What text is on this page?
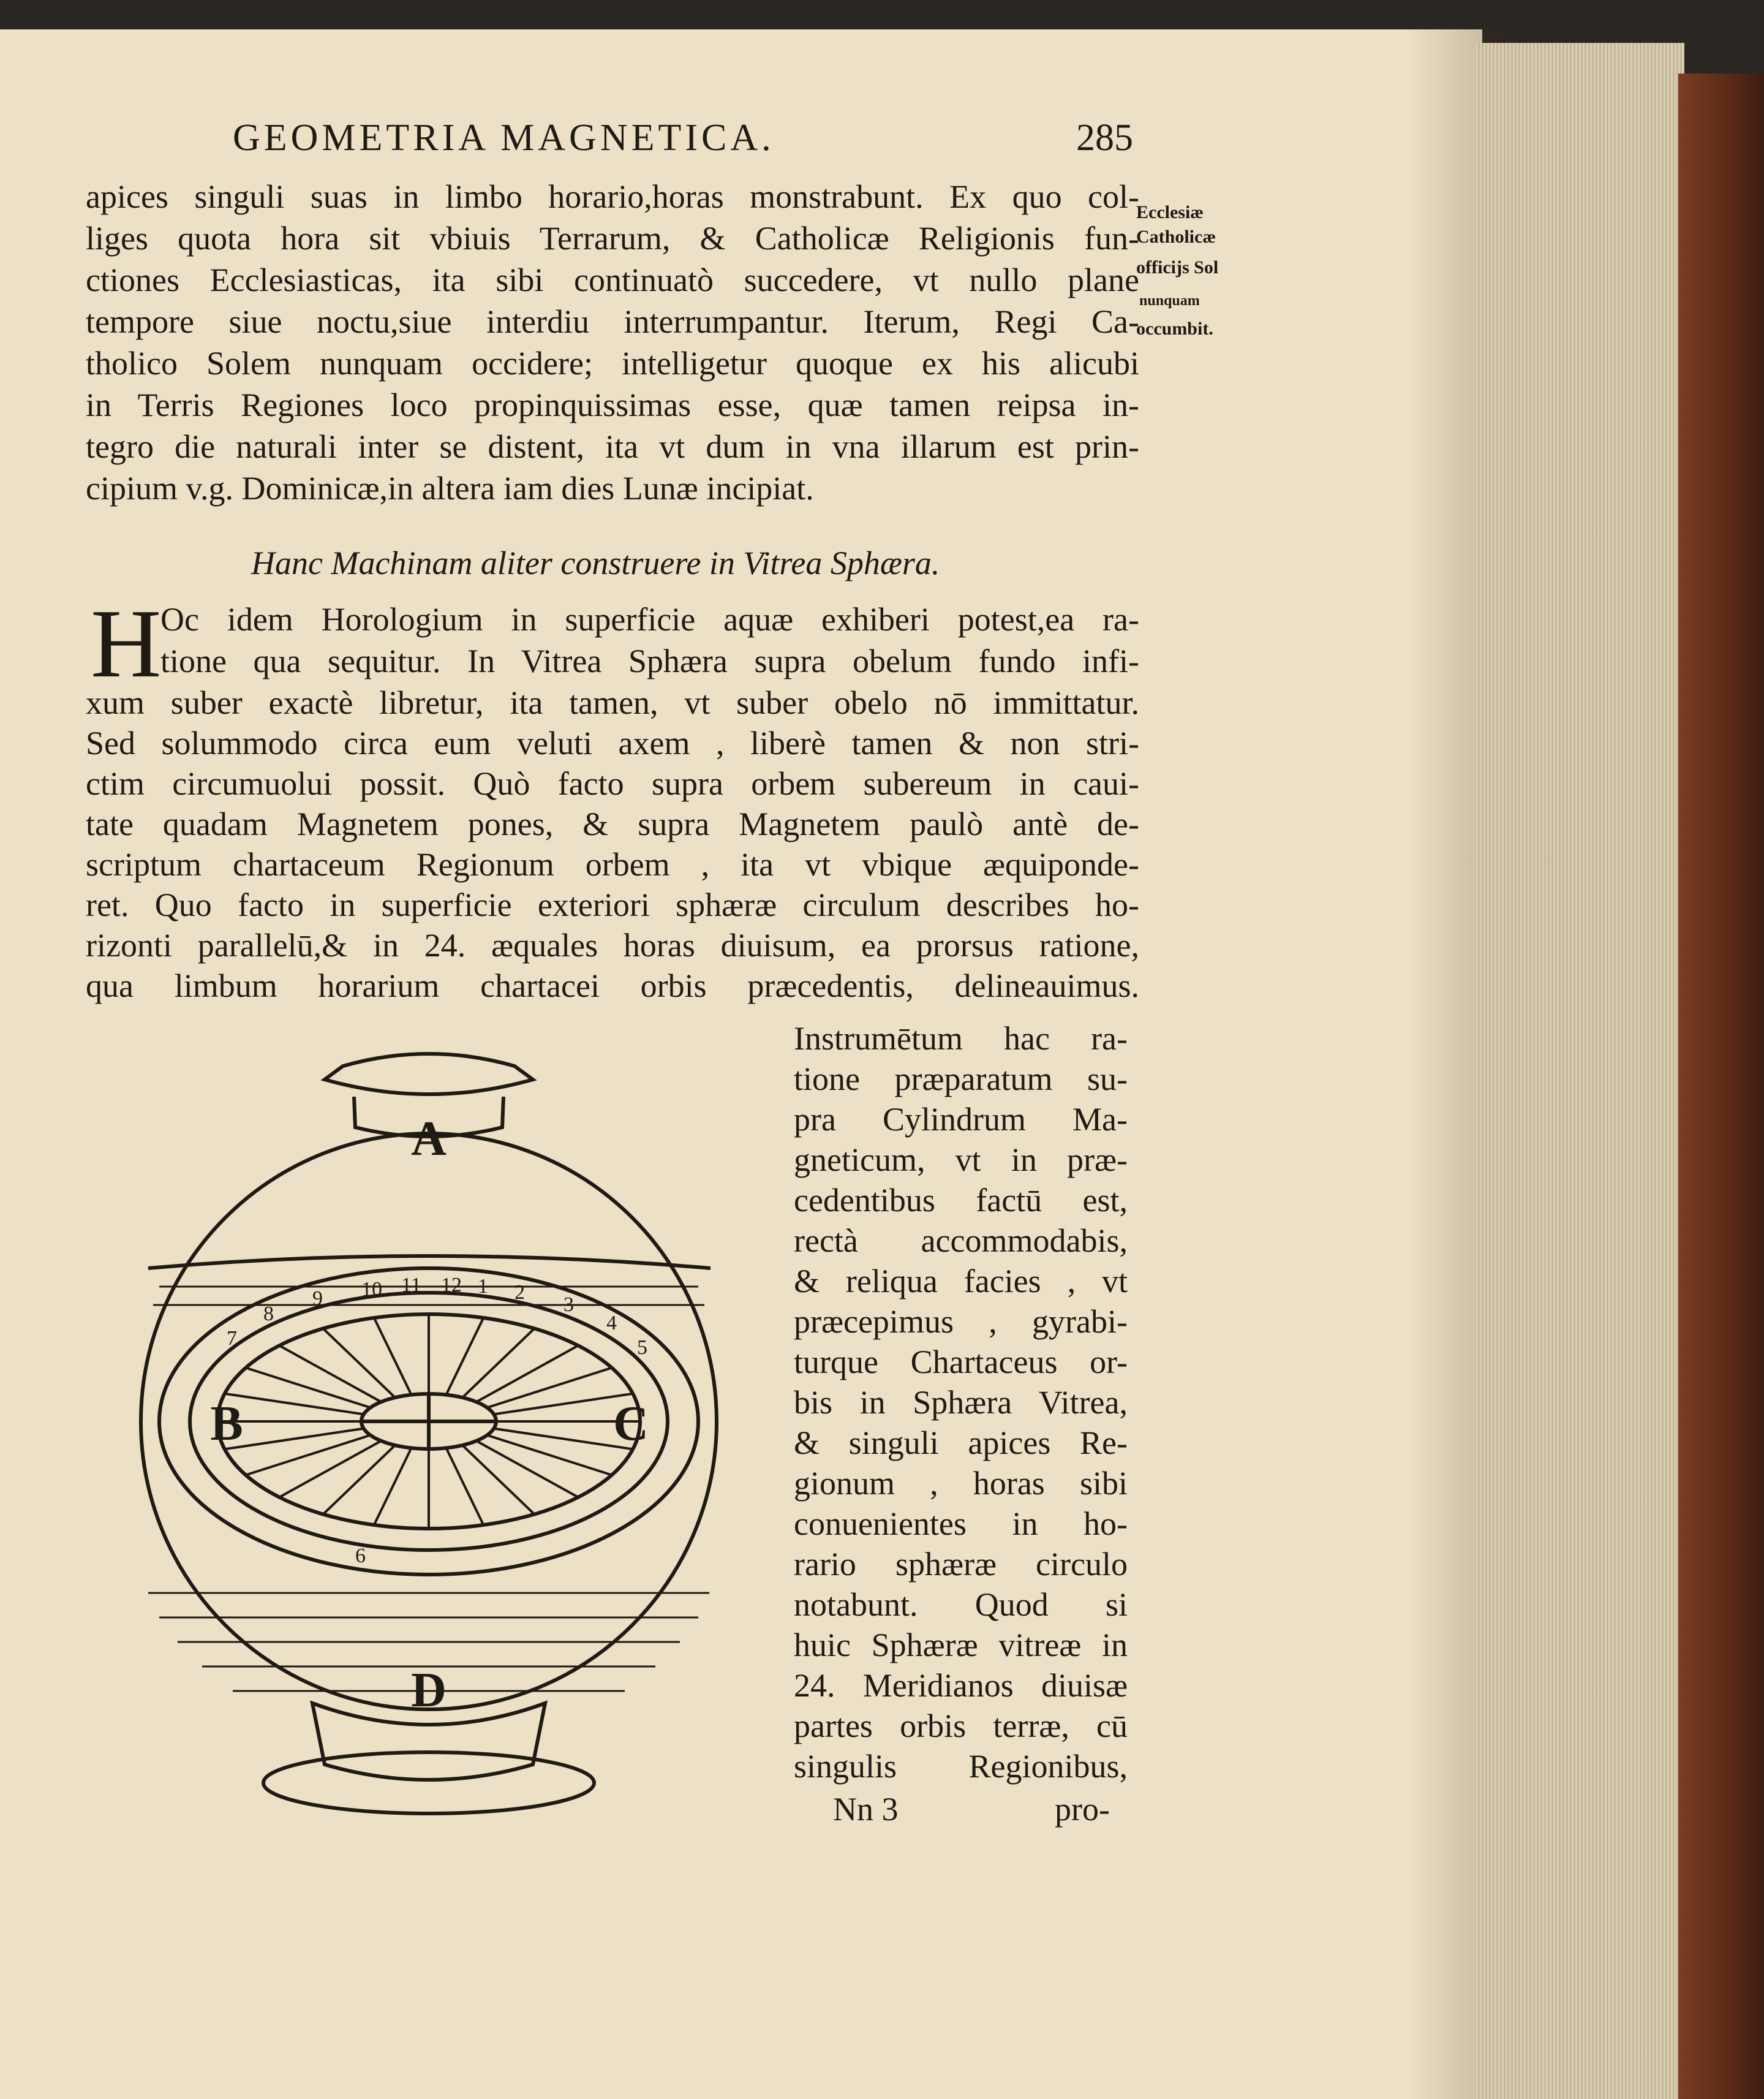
GEOMETRIA MAGNETICA.	285
apices singuli suas in limbo horario,horas monstrabunt. Ex quo col-
liges quota hora sit vbiuis Terrarum, & Catholicæ Religionis fun-
ctiones Ecclesiasticas, ita sibi continuatò succedere, vt nullo plane
tempore siue noctu,siue interdiu interrumpantur. Iterum, Regi Ca-
tholico Solem nunquam occidere; intelligetur quoque ex his alicubi
in Terris Regiones loco propinquissimas esse, quæ tamen reipsa in-
tegro die naturali inter se distent, ita vt dum in vna illarum est prin-
cipium v.g. Dominicæ,in altera iam dies Lunæ incipiat.
Ecclesiæ
Catholicæ
officijs Sol
nunquam
occumbit.
Hanc Machinam aliter construere in Vitrea Sphæra.
H
Oc idem Horologium in superficie aquæ exhiberi potest,ea ra-
tione qua sequitur. In Vitrea Sphæra supra obelum fundo infi-
xum suber exactè libretur, ita tamen, vt suber obelo nō immittatur.
Sed solummodo circa eum veluti axem , liberè tamen & non stri-
ctim circumuolui possit. Quò facto supra orbem subereum in caui-
tate quadam Magnetem pones, & supra Magnetem paulò antè de-
scriptum chartaceum Regionum orbem , ita vt vbique æquiponde-
ret. Quo facto in superficie exteriori sphæræ circulum describes ho-
rizonti parallelū,& in 24. æquales horas diuisum, ea prorsus ratione,
qua limbum horarium chartacei orbis præcedentis, delineauimus.
Instrumētum hac ra-
tione præparatum su-
pra Cylindrum Ma-
gneticum, vt in præ-
cedentibus factū est,
rectà accommodabis,
& reliqua facies , vt
præcepimus , gyrabi-
turque Chartaceus or-
bis in Sphæra Vitrea,
& singuli apices Re-
gionum , horas sibi
conuenientes in ho-
rario sphæræ circulo
notabunt. Quod si
huic Sphæræ vitreæ in
24. Meridianos diuisæ
partes orbis terræ, cū
singulis Regionibus,
Nn 3	pro-
A
B	C
D
10 11 12 1 2
3
9
8
7
4
5
6
